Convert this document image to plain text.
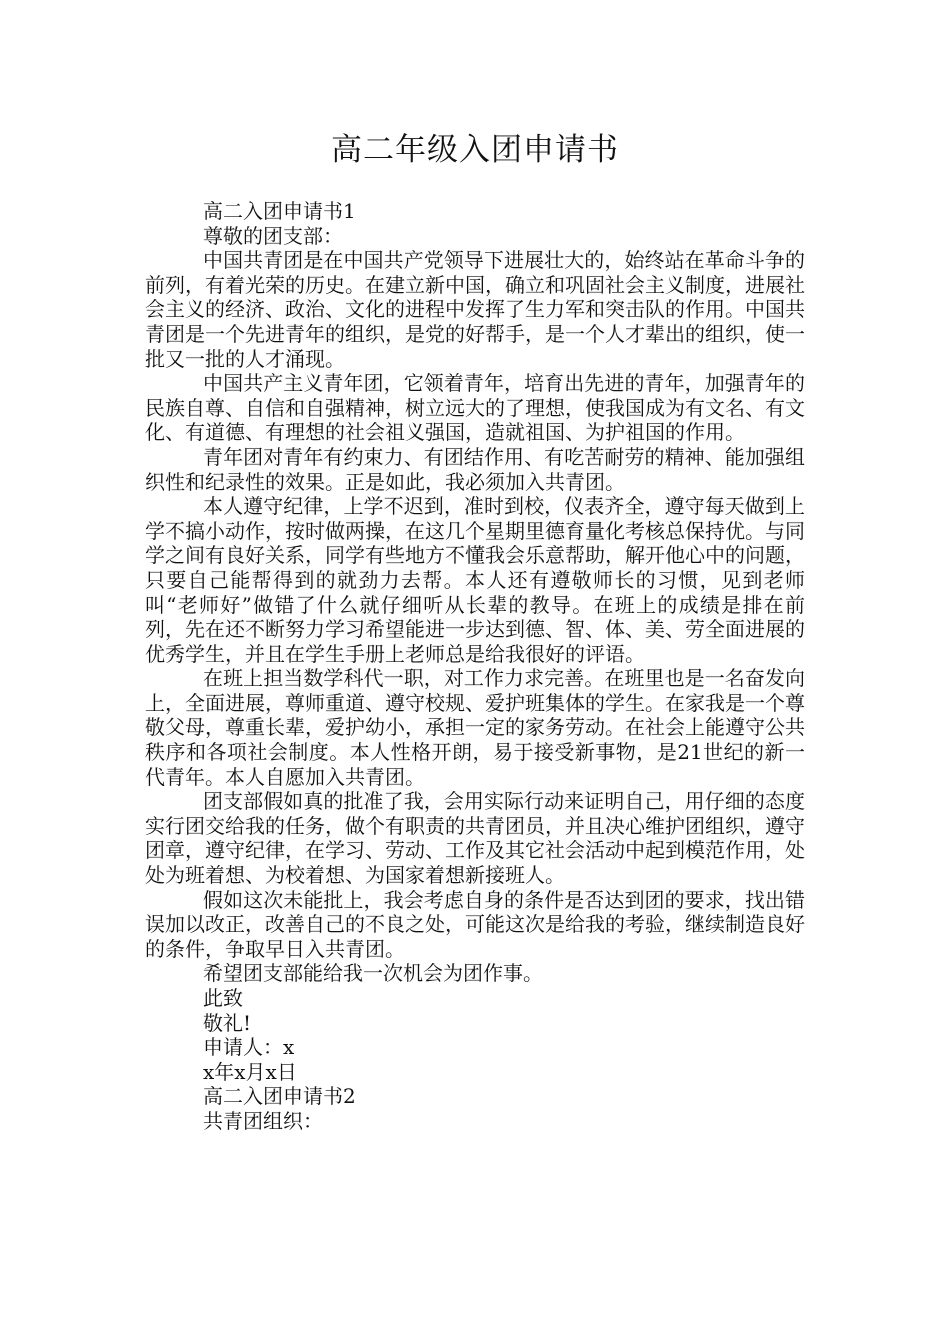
高二年级入团申请书

高二入团申请书1

尊敬的团支部：

中国共青团是在中国共产党领导下进展壮大的，始终站在革命斗争的前列，有着光荣的历史。在建立新中国，确立和巩固社会主义制度，进展社会主义的经济、政治、文化的进程中发挥了生力军和突击队的作用。中国共青团是一个先进青年的组织，是党的好帮手，是一个人才辈出的组织，使一批又一批的人才涌现。

中国共产主义青年团，它领着青年，培育出先进的青年，加强青年的民族自尊、自信和自强精神，树立远大的了理想，使我国成为有文名、有文化、有道德、有理想的社会祖义强国，造就祖国、为护祖国的作用。

青年团对青年有约束力、有团结作用、有吃苦耐劳的精神、能加强组织性和纪录性的效果。正是如此，我必须加入共青团。

本人遵守纪律，上学不迟到，准时到校，仪表齐全，遵守每天做到上学不搞小动作，按时做两操，在这几个星期里德育量化考核总保持优。与同学之间有良好关系，同学有些地方不懂我会乐意帮助，解开他心中的问题，只要自己能帮得到的就劲力去帮。本人还有遵敬师长的习惯，见到老师叫“老师好”做错了什么就仔细听从长辈的教导。在班上的成绩是排在前列，先在还不断努力学习希望能进一步达到德、智、体、美、劳全面进展的优秀学生，并且在学生手册上老师总是给我很好的评语。

在班上担当数学科代一职，对工作力求完善。在班里也是一名奋发向上，全面进展，尊师重道、遵守校规、爱护班集体的学生。在家我是一个尊敬父母，尊重长辈，爱护幼小，承担一定的家务劳动。在社会上能遵守公共秩序和各项社会制度。本人性格开朗，易于接受新事物，是21世纪的新一代青年。本人自愿加入共青团。

团支部假如真的批准了我，会用实际行动来证明自己，用仔细的态度实行团交给我的任务，做个有职责的共青团员，并且决心维护团组织，遵守团章，遵守纪律，在学习、劳动、工作及其它社会活动中起到模范作用，处处为班着想、为校着想、为国家着想新接班人。

假如这次未能批上，我会考虑自身的条件是否达到团的要求，找出错误加以改正，改善自己的不良之处，可能这次是给我的考验，继续制造良好的条件，争取早日入共青团。

希望团支部能给我一次机会为团作事。

此致

敬礼!

申请人：x

x年x月x日

高二入团申请书2

共青团组织：
